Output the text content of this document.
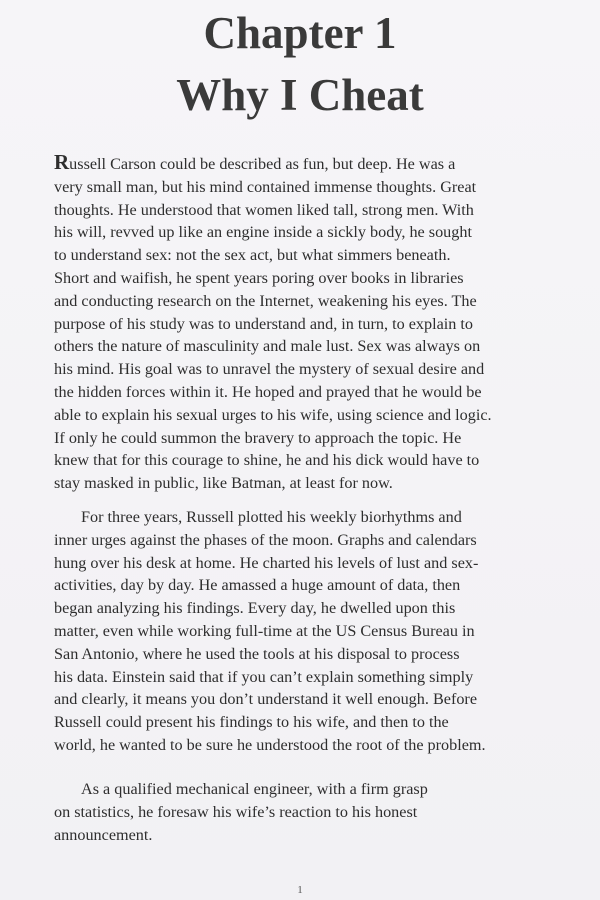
Chapter 1
Why I Cheat
Russell Carson could be described as fun, but deep. He was a
very small man, but his mind contained immense thoughts. Great
thoughts. He understood that women liked tall, strong men. With
his will, revved up like an engine inside a sickly body, he sought
to understand sex: not the sex act, but what simmers beneath.
Short and waifish, he spent years poring over books in libraries
and conducting research on the Internet, weakening his eyes. The
purpose of his study was to understand and, in turn, to explain to
others the nature of masculinity and male lust. Sex was always on
his mind. His goal was to unravel the mystery of sexual desire and
the hidden forces within it. He hoped and prayed that he would be
able to explain his sexual urges to his wife, using science and logic.
If only he could summon the bravery to approach the topic. He
knew that for this courage to shine, he and his dick would have to
stay masked in public, like Batman, at least for now.
For three years, Russell plotted his weekly biorhythms and
inner urges against the phases of the moon. Graphs and calendars
hung over his desk at home. He charted his levels of lust and sex-
activities, day by day. He amassed a huge amount of data, then
began analyzing his findings. Every day, he dwelled upon this
matter, even while working full-time at the US Census Bureau in
San Antonio, where he used the tools at his disposal to process
his data. Einstein said that if you can’t explain something simply
and clearly, it means you don’t understand it well enough. Before
Russell could present his findings to his wife, and then to the
world, he wanted to be sure he understood the root of the problem.
As a qualified mechanical engineer, with a firm grasp
on statistics, he foresaw his wife’s reaction to his honest
announcement.
1
